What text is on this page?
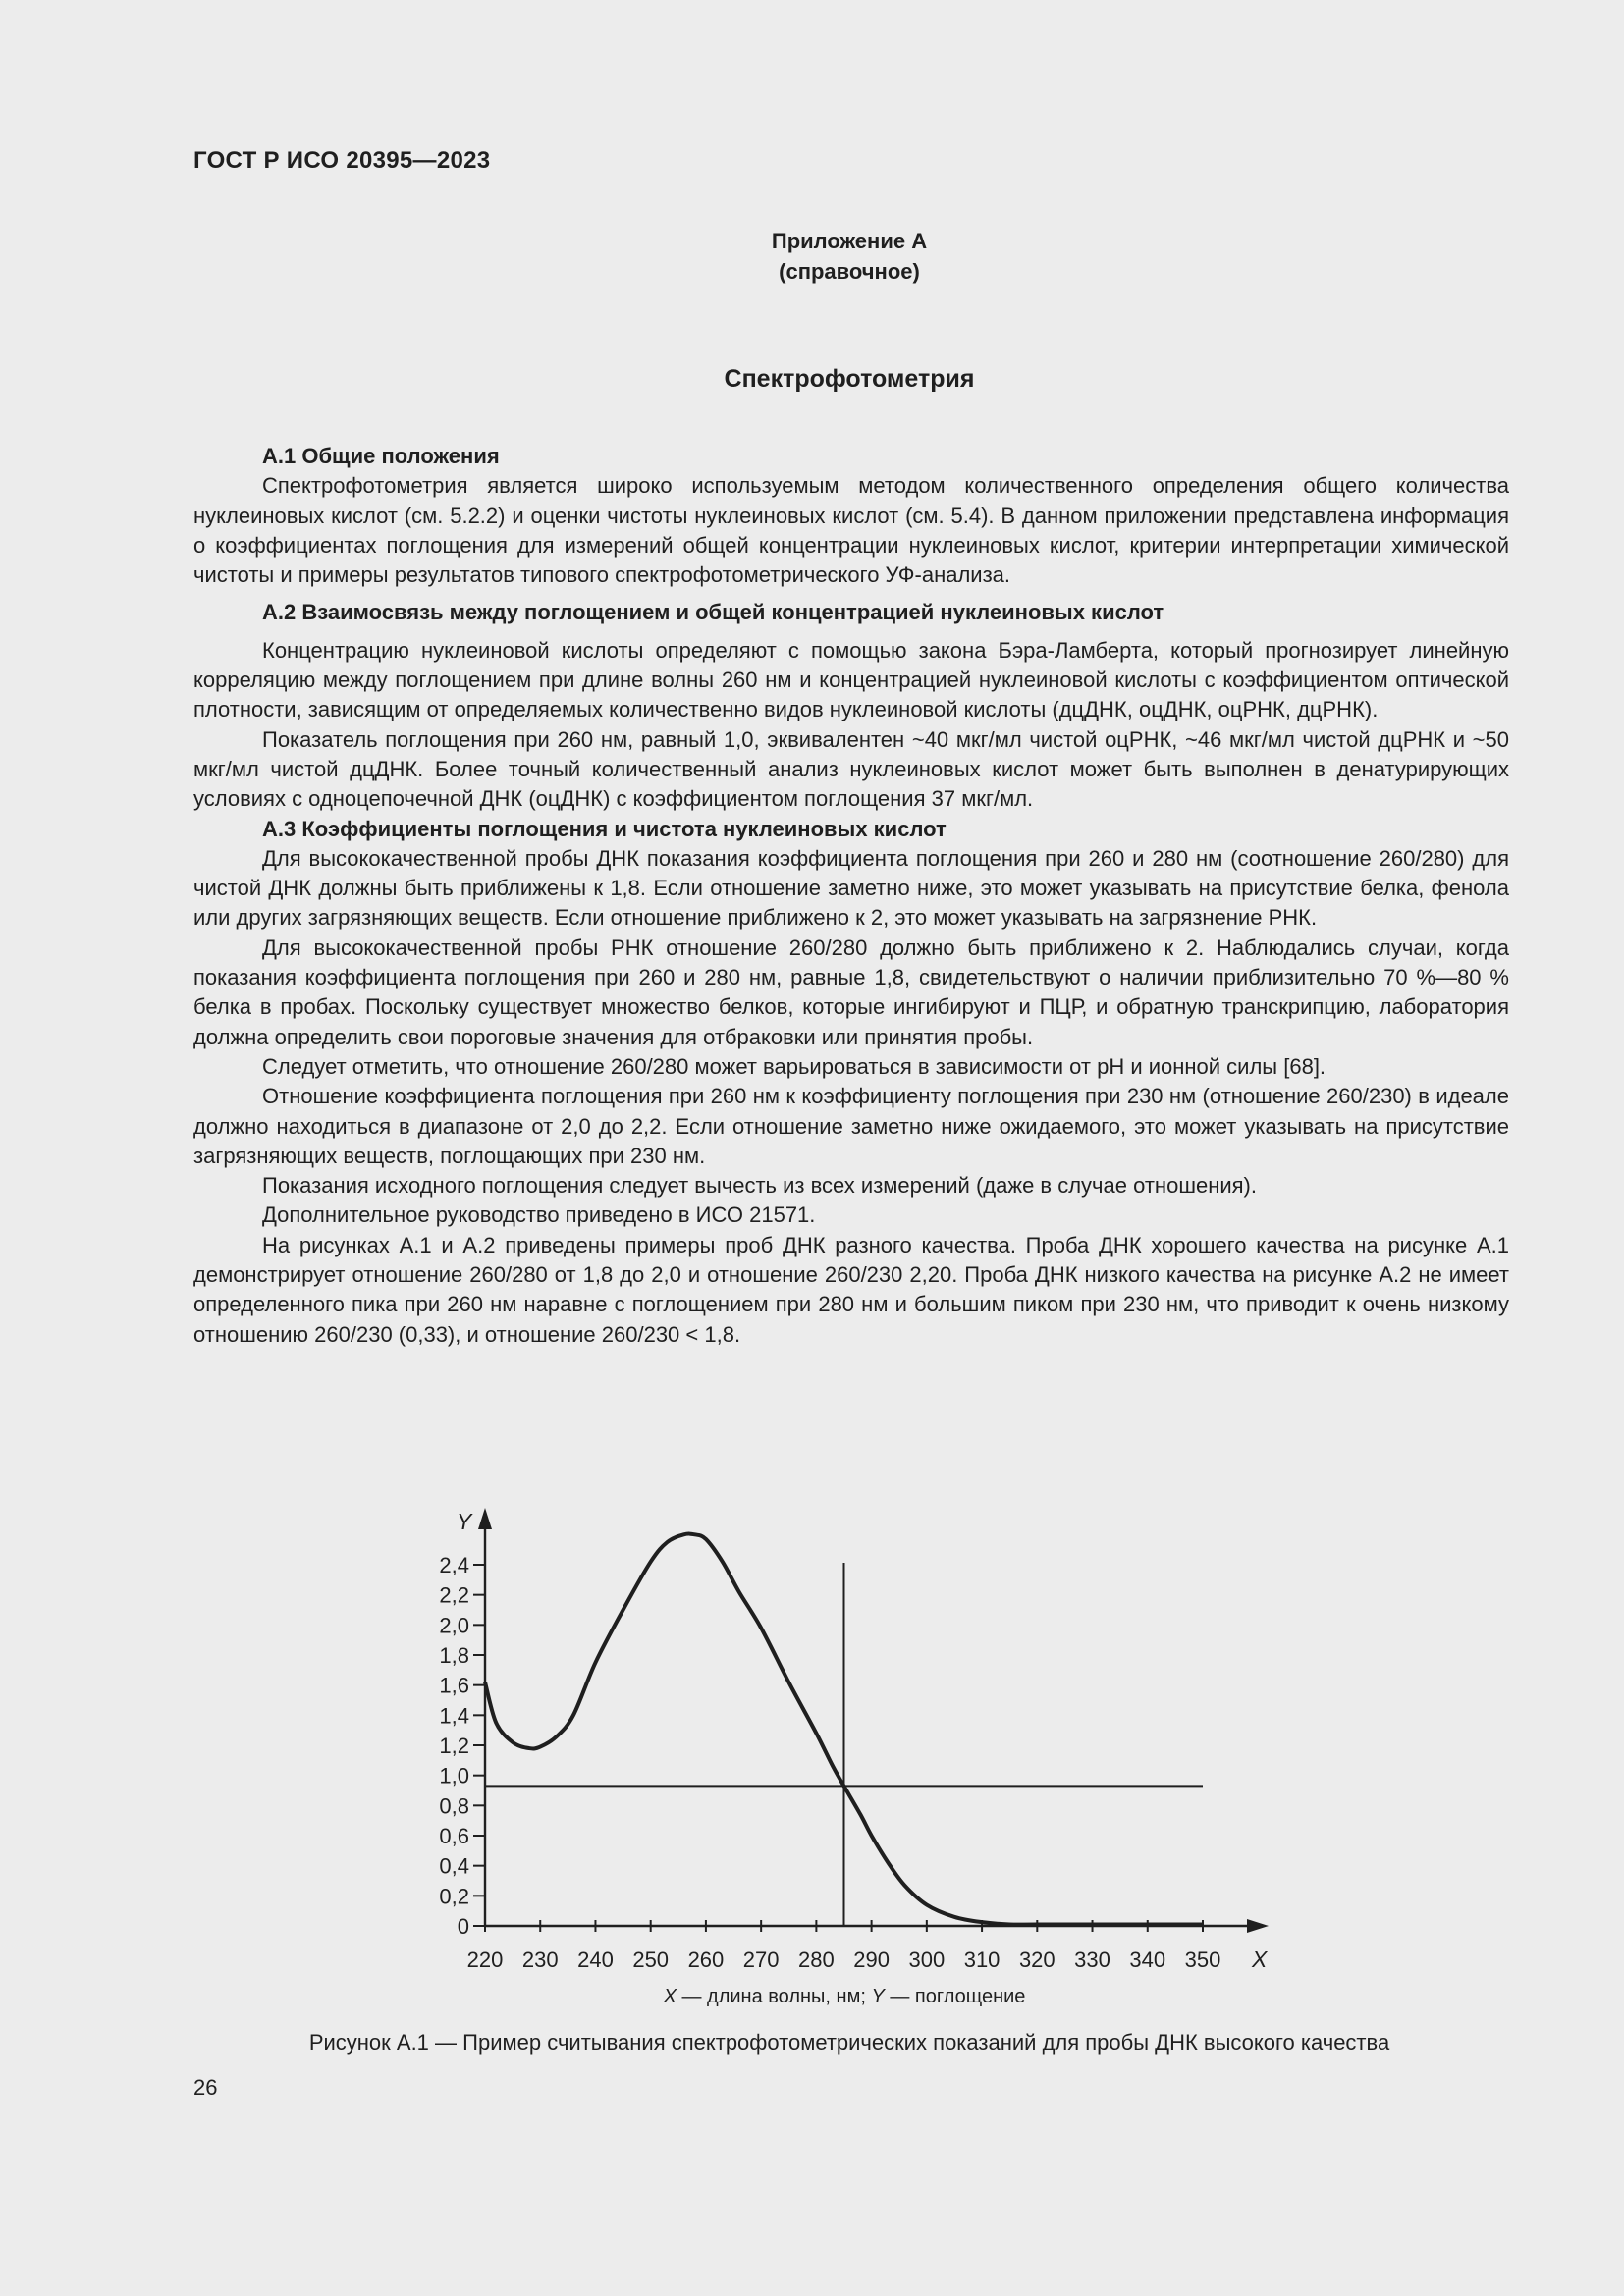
ГОСТ Р ИСО 20395—2023
Приложение А
(справочное)
Спектрофотометрия
А.1 Общие положения

Спектрофотометрия является широко используемым методом количественного определения общего количества нуклеиновых кислот (см. 5.2.2) и оценки чистоты нуклеиновых кислот (см. 5.4). В данном приложении представлена информация о коэффициентах поглощения для измерений общей концентрации нуклеиновых кислот, критерии интерпретации химической чистоты и примеры результатов типового спектрофотометрического УФ-анализа.

А.2 Взаимосвязь между поглощением и общей концентрацией нуклеиновых кислот

Концентрацию нуклеиновой кислоты определяют с помощью закона Бэра-Ламберта, который прогнозирует линейную корреляцию между поглощением при длине волны 260 нм и концентрацией нуклеиновой кислоты с коэффициентом оптической плотности, зависящим от определяемых количественно видов нуклеиновой кислоты (дцДНК, оцДНК, оцРНК, дцРНК).

Показатель поглощения при 260 нм, равный 1,0, эквивалентен ~40 мкг/мл чистой оцРНК, ~46 мкг/мл чистой дцРНК и ~50 мкг/мл чистой дцДНК. Более точный количественный анализ нуклеиновых кислот может быть выполнен в денатурирующих условиях с одноцепочечной ДНК (оцДНК) с коэффициентом поглощения 37 мкг/мл.

А.3 Коэффициенты поглощения и чистота нуклеиновых кислот

Для высококачественной пробы ДНК показания коэффициента поглощения при 260 и 280 нм (соотношение 260/280) для чистой ДНК должны быть приближены к 1,8. Если отношение заметно ниже, это может указывать на присутствие белка, фенола или других загрязняющих веществ. Если отношение приближено к 2, это может указывать на загрязнение РНК.

Для высококачественной пробы РНК отношение 260/280 должно быть приближено к 2. Наблюдались случаи, когда показания коэффициента поглощения при 260 и 280 нм, равные 1,8, свидетельствуют о наличии приблизительно 70 %—80 % белка в пробах. Поскольку существует множество белков, которые ингибируют и ПЦР, и обратную транскрипцию, лаборатория должна определить свои пороговые значения для отбраковки или принятия пробы.

Следует отметить, что отношение 260/280 может варьироваться в зависимости от pH и ионной силы [68].

Отношение коэффициента поглощения при 260 нм к коэффициенту поглощения при 230 нм (отношение 260/230) в идеале должно находиться в диапазоне от 2,0 до 2,2. Если отношение заметно ниже ожидаемого, это может указывать на присутствие загрязняющих веществ, поглощающих при 230 нм.

Показания исходного поглощения следует вычесть из всех измерений (даже в случае отношения).

Дополнительное руководство приведено в ИСО 21571.

На рисунках А.1 и А.2 приведены примеры проб ДНК разного качества. Проба ДНК хорошего качества на рисунке А.1 демонстрирует отношение 260/280 от 1,8 до 2,0 и отношение 260/230 2,20. Проба ДНК низкого качества на рисунке А.2 не имеет определенного пика при 260 нм наравне с поглощением при 280 нм и большим пиком при 230 нм, что приводит к очень низкому отношению 260/230 (0,33), и отношение 260/230 < 1,8.

X
Y
220 230 240 250 260 270 280 290 300 310 320 330 340 350
0
0,2
0,4
0,6
0,8
1,0
1,2
1,4
1,6
1,8
2,0
2,2
2,4
X — длина волны, нм; Y — поглощение
Рисунок А.1 — Пример считывания спектрофотометрических показаний для пробы ДНК высокого качества
26
